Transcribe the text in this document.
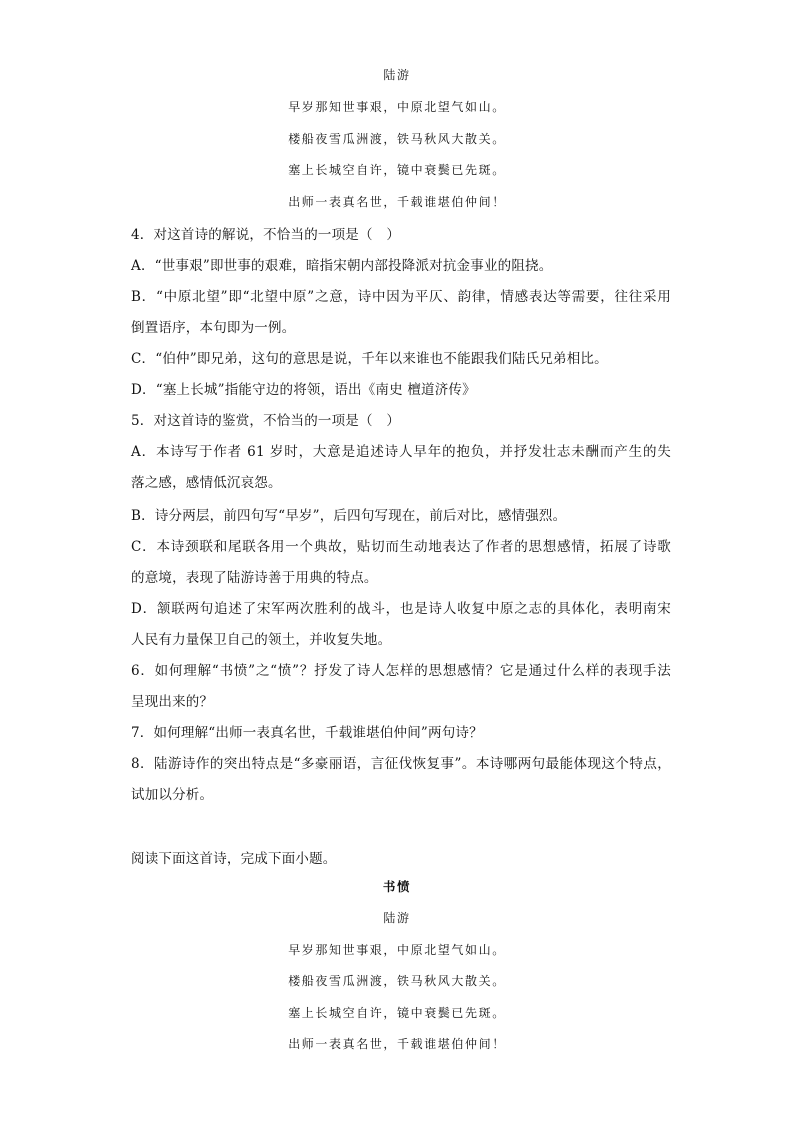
陆游
早岁那知世事艰，中原北望气如山。
楼船夜雪瓜洲渡，铁马秋风大散关。
塞上长城空自许，镜中衰鬓已先斑。
出师一表真名世，千载谁堪伯仲间！
4．对这首诗的解说，不恰当的一项是（　）
A．“世事艰”即世事的艰难，暗指宋朝内部投降派对抗金事业的阻挠。
B．“中原北望”即“北望中原”之意，诗中因为平仄、韵律，情感表达等需要，往往采用
倒置语序，本句即为一例。
C．“伯仲”即兄弟，这句的意思是说，千年以来谁也不能跟我们陆氏兄弟相比。
D．“塞上长城”指能守边的将领，语出《南史 檀道济传》
5．对这首诗的鉴赏，不恰当的一项是（　）
A．本诗写于作者 61 岁时，大意是追述诗人早年的抱负，并抒发壮志未酬而产生的失
落之感，感情低沉哀怨。
B．诗分两层，前四句写“早岁”，后四句写现在，前后对比，感情强烈。
C．本诗颈联和尾联各用一个典故，贴切而生动地表达了作者的思想感情，拓展了诗歌
的意境，表现了陆游诗善于用典的特点。
D．颔联两句追述了宋军两次胜利的战斗，也是诗人收复中原之志的具体化，表明南宋
人民有力量保卫自己的领土，并收复失地。
6．如何理解“书愤”之“愤”？抒发了诗人怎样的思想感情？它是通过什么样的表现手法
呈现出来的？
7．如何理解“出师一表真名世，千载谁堪伯仲间”两句诗？
8．陆游诗作的突出特点是“多豪丽语，言征伐恢复事”。本诗哪两句最能体现这个特点，
试加以分析。
阅读下面这首诗，完成下面小题。
书愤
陆游
早岁那知世事艰，中原北望气如山。
楼船夜雪瓜洲渡，铁马秋风大散关。
塞上长城空自许，镜中衰鬓已先斑。
出师一表真名世，千载谁堪伯仲间！
